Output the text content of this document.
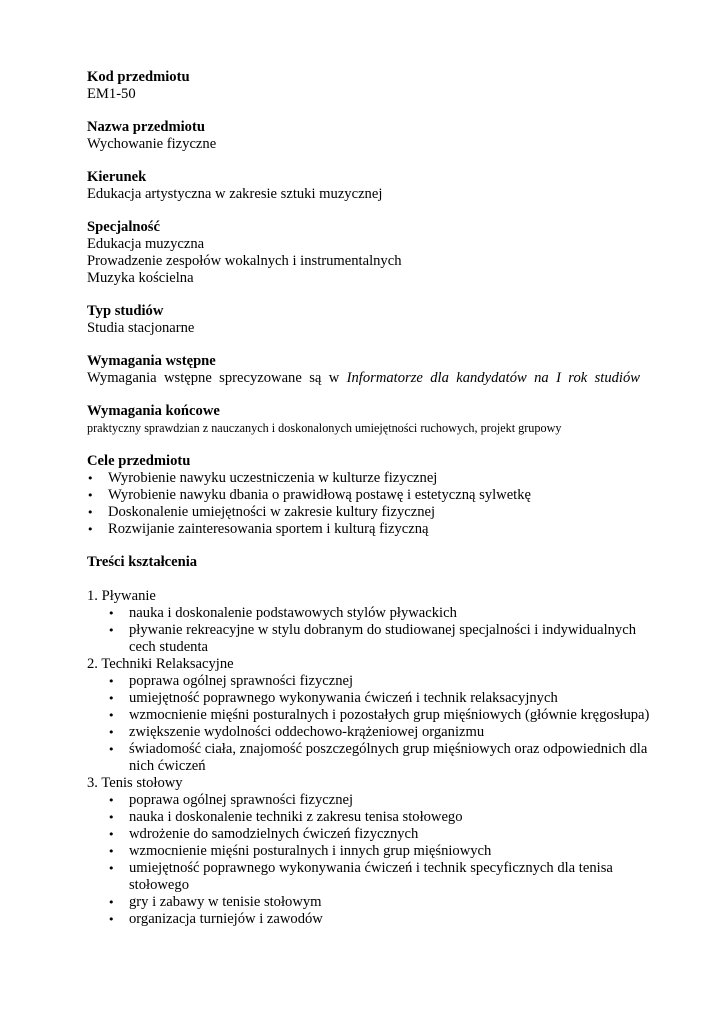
Kod przedmiotu
EM1-50
Nazwa przedmiotu
Wychowanie fizyczne
Kierunek
Edukacja artystyczna w zakresie sztuki muzycznej
Specjalność
Edukacja muzyczna
Prowadzenie zespołów wokalnych i instrumentalnych
Muzyka kościelna
Typ studiów
Studia stacjonarne
Wymagania wstępne
Wymagania wstępne sprecyzowane są w Informatorze dla kandydatów na I rok studiów
Wymagania końcowe
praktyczny sprawdzian z nauczanych i doskonalonych umiejętności ruchowych, projekt grupowy
Cele przedmiotu
• Wyrobienie nawyku uczestniczenia w kulturze fizycznej
• Wyrobienie nawyku dbania o prawidłową postawę i estetyczną sylwetkę
• Doskonalenie umiejętności w zakresie kultury fizycznej
• Rozwijanie zainteresowania sportem i kulturą fizyczną
Treści kształcenia
1. Pływanie
• nauka i doskonalenie podstawowych stylów pływackich
• pływanie rekreacyjne w stylu dobranym do studiowanej specjalności i indywidualnych cech studenta
2. Techniki Relaksacyjne
• poprawa ogólnej sprawności fizycznej
• umiejętność poprawnego wykonywania ćwiczeń i technik relaksacyjnych
• wzmocnienie mięśni posturalnych i pozostałych grup mięśniowych (głównie kręgosłupa)
• zwiększenie wydolności oddechowo-krążeniowej organizmu
• świadomość ciała, znajomość poszczególnych grup mięśniowych oraz odpowiednich dla nich ćwiczeń
3. Tenis stołowy
• poprawa ogólnej sprawności fizycznej
• nauka i doskonalenie techniki z zakresu tenisa stołowego
• wdrożenie do samodzielnych ćwiczeń fizycznych
• wzmocnienie mięśni posturalnych i innych grup mięśniowych
• umiejętność poprawnego wykonywania ćwiczeń i technik specyficznych dla tenisa stołowego
• gry i zabawy w tenisie stołowym
• organizacja turniejów i zawodów
